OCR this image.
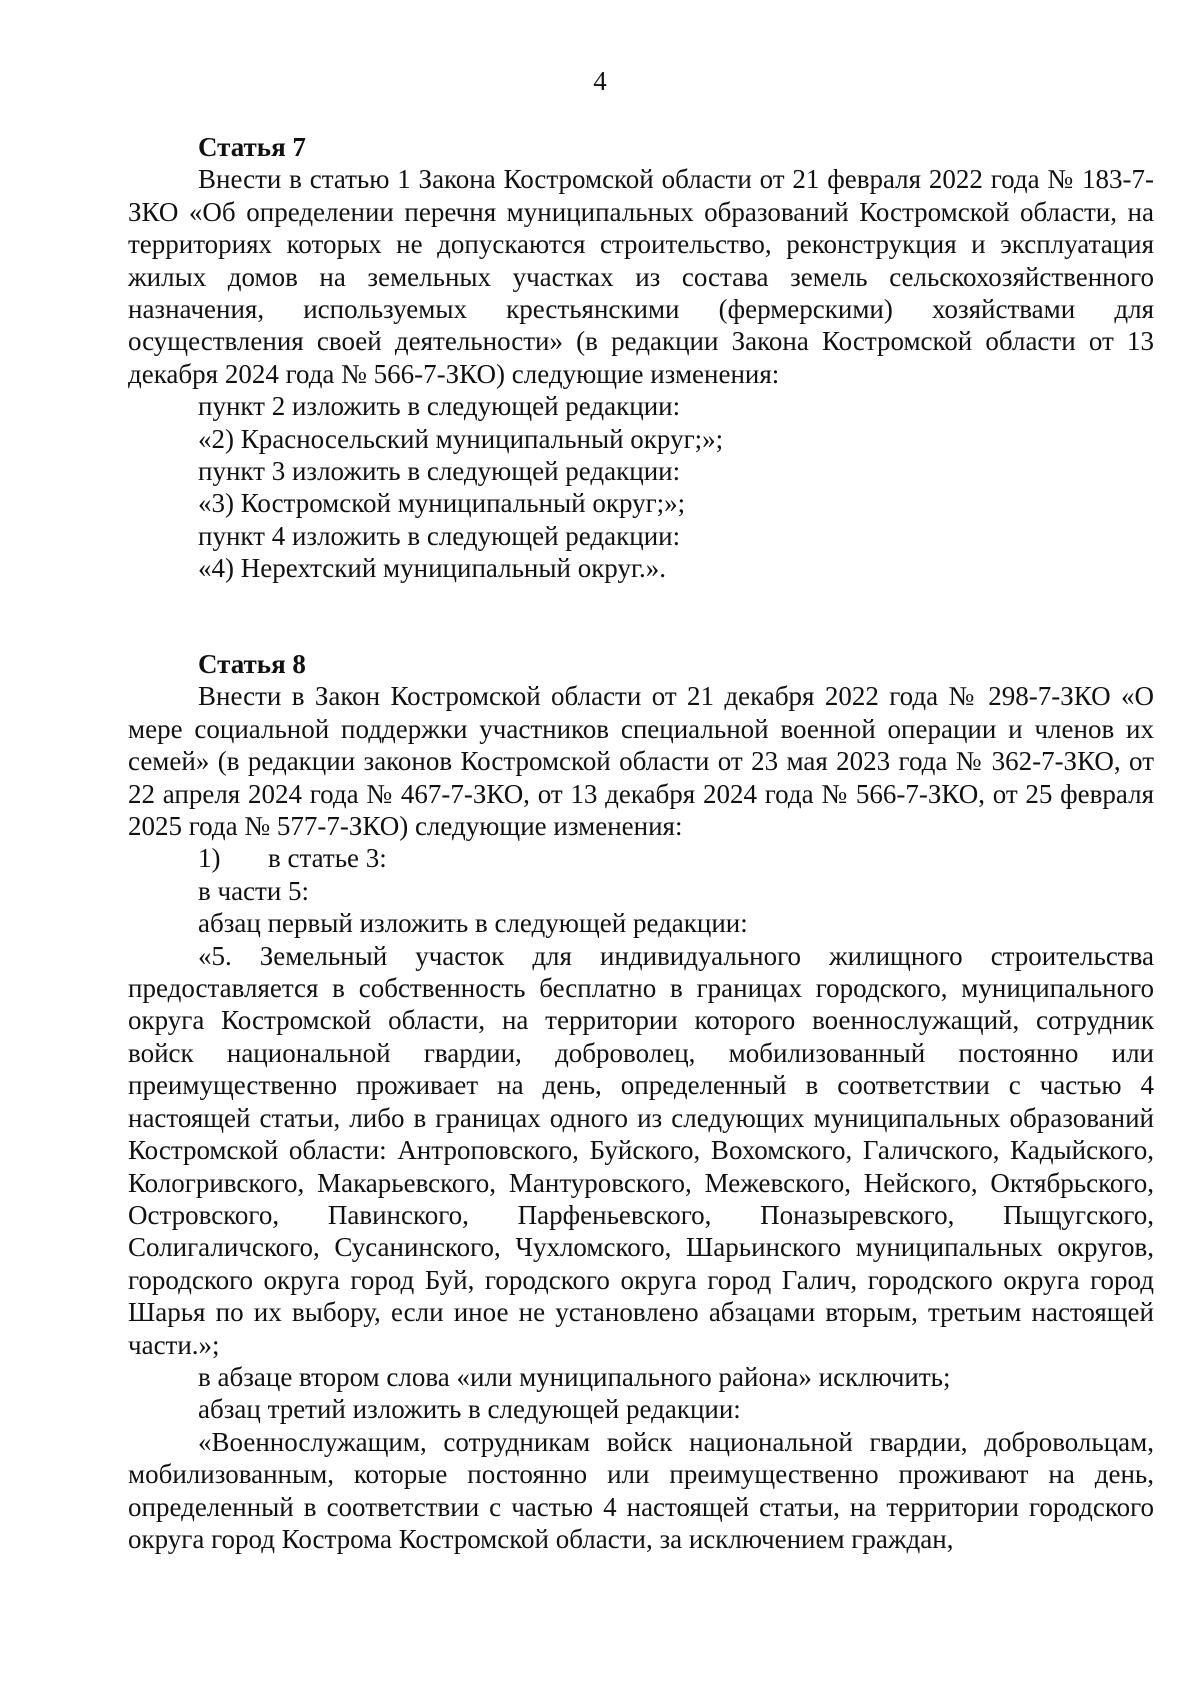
4

Статья 7

Внести в статью 1 Закона Костромской области от 21 февраля 2022 года № 183-7-ЗКО «Об определении перечня муниципальных образований Костромской области, на территориях которых не допускаются строительство, реконструкция и эксплуатация жилых домов на земельных участках из состава земель сельскохозяйственного назначения, используемых крестьянскими (фермерскими) хозяйствами для осуществления своей деятельности» (в редакции Закона Костромской области от 13 декабря 2024 года № 566-7-ЗКО) следующие изменения:

пункт 2 изложить в следующей редакции:

«2) Красносельский муниципальный округ;»;

пункт 3 изложить в следующей редакции:

«3) Костромской муниципальный округ;»;

пункт 4 изложить в следующей редакции:

«4) Нерехтский муниципальный округ.».

Статья 8

Внести в Закон Костромской области от 21 декабря 2022 года № 298-7-ЗКО «О мере социальной поддержки участников специальной военной операции и членов их семей» (в редакции законов Костромской области от 23 мая 2023 года № 362-7-ЗКО, от 22 апреля 2024 года № 467-7-ЗКО, от 13 декабря 2024 года № 566-7-ЗКО, от 25 февраля 2025 года № 577-7-ЗКО) следующие изменения:

1) в статье 3:

в части 5:

абзац первый изложить в следующей редакции:

«5. Земельный участок для индивидуального жилищного строительства предоставляется в собственность бесплатно в границах городского, муниципального округа Костромской области, на территории которого военнослужащий, сотрудник войск национальной гвардии, доброволец, мобилизованный постоянно или преимущественно проживает на день, определенный в соответствии с частью 4 настоящей статьи, либо в границах одного из следующих муниципальных образований Костромской области: Антроповского, Буйского, Вохомского, Галичского, Кадыйского, Кологривского, Макарьевского, Мантуровского, Межевского, Нейского, Октябрьского, Островского, Павинского, Парфеньевского, Поназыревского, Пыщугского, Солигаличского, Сусанинского, Чухломского, Шарьинского муниципальных округов, городского округа город Буй, городского округа город Галич, городского округа город Шарья по их выбору, если иное не установлено абзацами вторым, третьим настоящей части.»;

в абзаце втором слова «или муниципального района» исключить;

абзац третий изложить в следующей редакции:

«Военнослужащим, сотрудникам войск национальной гвардии, добровольцам, мобилизованным, которые постоянно или преимущественно проживают на день, определенный в соответствии с частью 4 настоящей статьи, на территории городского округа город Кострома Костромской области, за исключением граждан,
